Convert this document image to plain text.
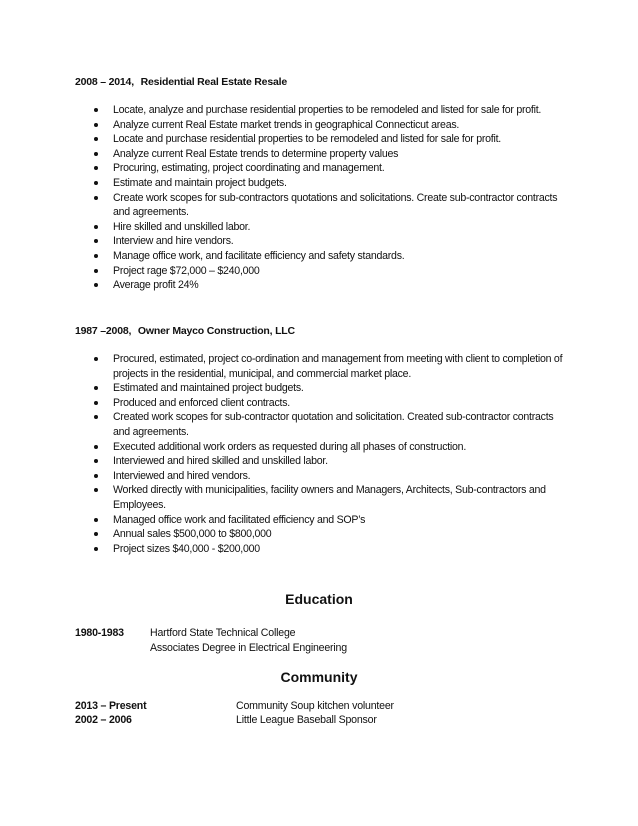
2008 – 2014, Residential Real Estate Resale
Locate, analyze and purchase residential properties to be remodeled and listed for sale for profit.
Analyze current Real Estate market trends in geographical Connecticut areas.
Locate and purchase residential properties to be remodeled and listed for sale for profit.
Analyze current Real Estate trends to determine property values
Procuring, estimating, project coordinating and management.
Estimate and maintain project budgets.
Create work scopes for sub-contractors quotations and solicitations. Create sub-contractor contracts and agreements.
Hire skilled and unskilled labor.
Interview and hire vendors.
Manage office work, and facilitate efficiency and safety standards.
Project rage $72,000 – $240,000
Average profit 24%
1987 –2008, Owner Mayco Construction, LLC
Procured, estimated, project co-ordination and management from meeting with client to completion of projects in the residential, municipal, and commercial market place.
Estimated and maintained project budgets.
Produced and enforced client contracts.
Created work scopes for sub-contractor quotation and solicitation. Created sub-contractor contracts and agreements.
Executed additional work orders as requested during all phases of construction.
Interviewed and hired skilled and unskilled labor.
Interviewed and hired vendors.
Worked directly with municipalities, facility owners and Managers, Architects, Sub-contractors and Employees.
Managed office work and facilitated efficiency and SOP’s
Annual sales $500,000 to $800,000
Project sizes $40,000 - $200,000
Education
1980-1983 Hartford State Technical College
Associates Degree in Electrical Engineering
Community
2013 – Present	Community Soup kitchen volunteer
2002 – 2006	Little League Baseball Sponsor
